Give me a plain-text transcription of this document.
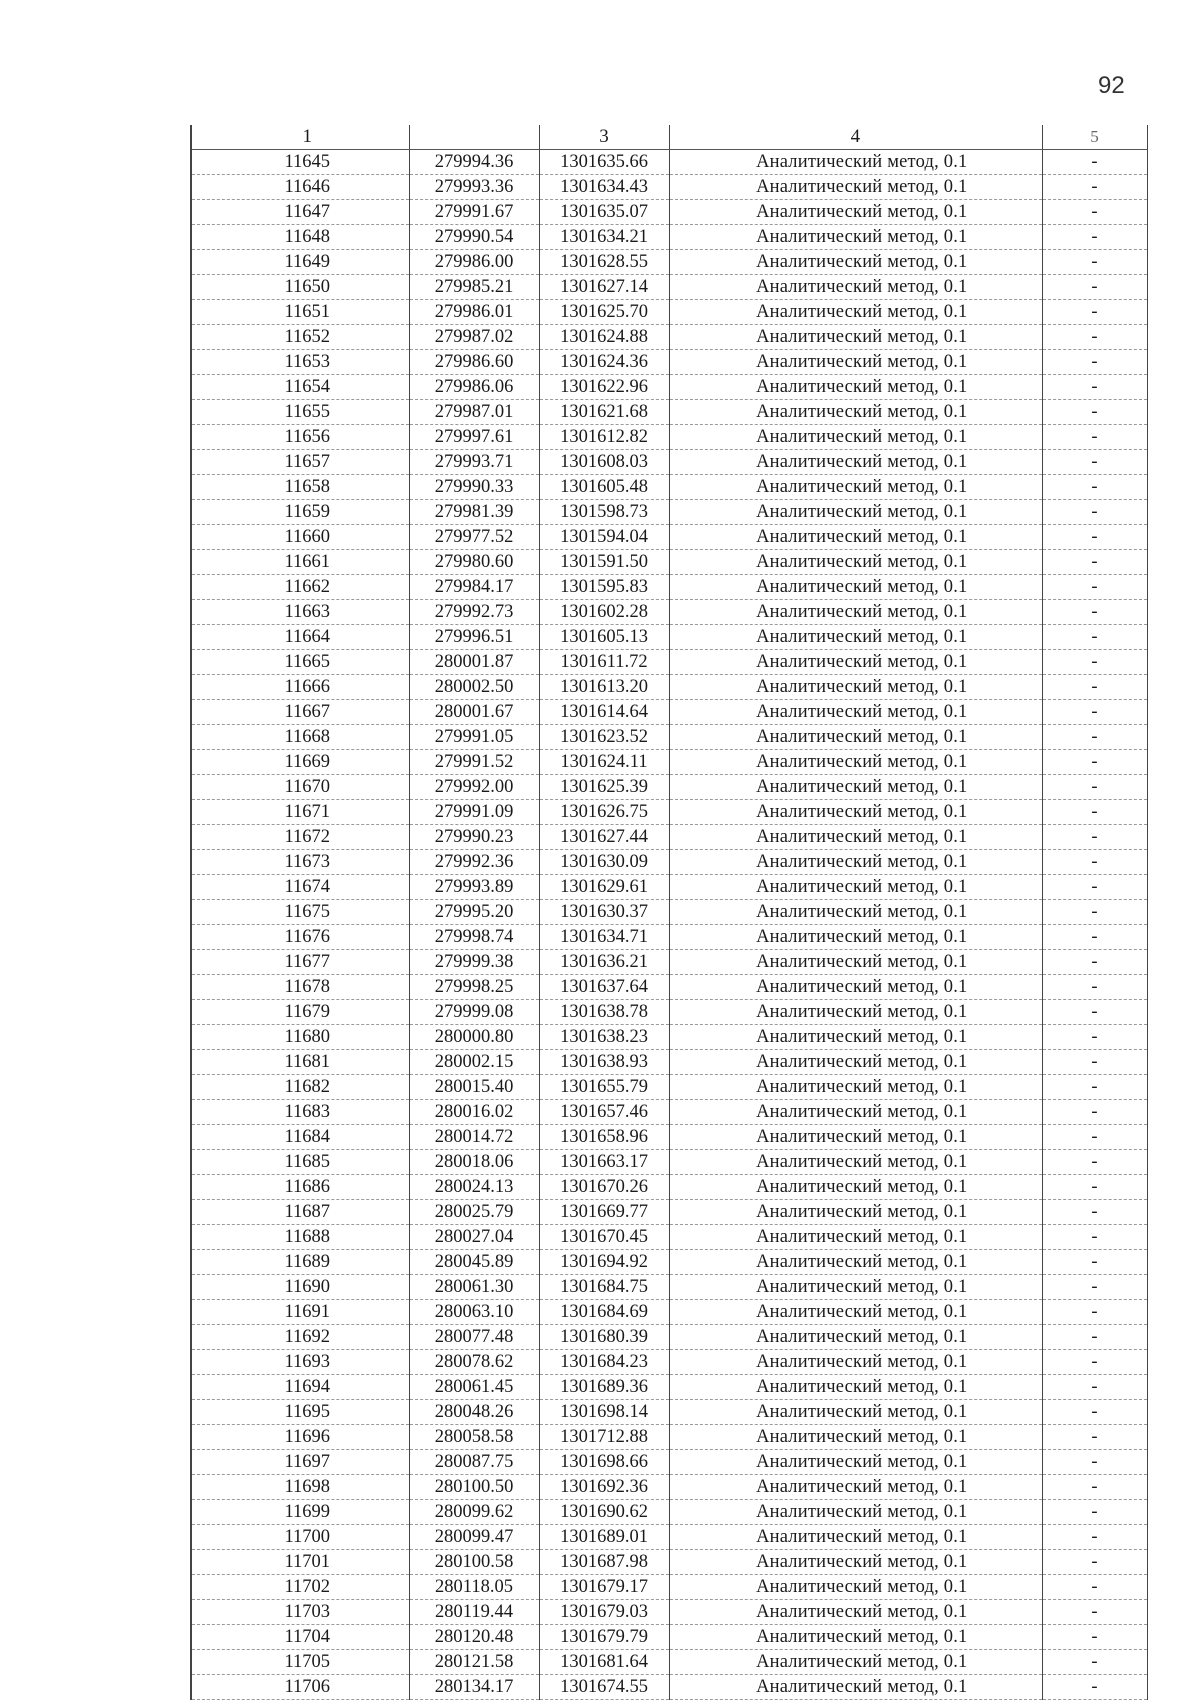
92
1		3	4	5
11645	279994.36	1301635.66	Аналитический метод, 0.1	-
11646	279993.36	1301634.43	Аналитический метод, 0.1	-
11647	279991.67	1301635.07	Аналитический метод, 0.1	-
11648	279990.54	1301634.21	Аналитический метод, 0.1	-
11649	279986.00	1301628.55	Аналитический метод, 0.1	-
11650	279985.21	1301627.14	Аналитический метод, 0.1	-
11651	279986.01	1301625.70	Аналитический метод, 0.1	-
11652	279987.02	1301624.88	Аналитический метод, 0.1	-
11653	279986.60	1301624.36	Аналитический метод, 0.1	-
11654	279986.06	1301622.96	Аналитический метод, 0.1	-
11655	279987.01	1301621.68	Аналитический метод, 0.1	-
11656	279997.61	1301612.82	Аналитический метод, 0.1	-
11657	279993.71	1301608.03	Аналитический метод, 0.1	-
11658	279990.33	1301605.48	Аналитический метод, 0.1	-
11659	279981.39	1301598.73	Аналитический метод, 0.1	-
11660	279977.52	1301594.04	Аналитический метод, 0.1	-
11661	279980.60	1301591.50	Аналитический метод, 0.1	-
11662	279984.17	1301595.83	Аналитический метод, 0.1	-
11663	279992.73	1301602.28	Аналитический метод, 0.1	-
11664	279996.51	1301605.13	Аналитический метод, 0.1	-
11665	280001.87	1301611.72	Аналитический метод, 0.1	-
11666	280002.50	1301613.20	Аналитический метод, 0.1	-
11667	280001.67	1301614.64	Аналитический метод, 0.1	-
11668	279991.05	1301623.52	Аналитический метод, 0.1	-
11669	279991.52	1301624.11	Аналитический метод, 0.1	-
11670	279992.00	1301625.39	Аналитический метод, 0.1	-
11671	279991.09	1301626.75	Аналитический метод, 0.1	-
11672	279990.23	1301627.44	Аналитический метод, 0.1	-
11673	279992.36	1301630.09	Аналитический метод, 0.1	-
11674	279993.89	1301629.61	Аналитический метод, 0.1	-
11675	279995.20	1301630.37	Аналитический метод, 0.1	-
11676	279998.74	1301634.71	Аналитический метод, 0.1	-
11677	279999.38	1301636.21	Аналитический метод, 0.1	-
11678	279998.25	1301637.64	Аналитический метод, 0.1	-
11679	279999.08	1301638.78	Аналитический метод, 0.1	-
11680	280000.80	1301638.23	Аналитический метод, 0.1	-
11681	280002.15	1301638.93	Аналитический метод, 0.1	-
11682	280015.40	1301655.79	Аналитический метод, 0.1	-
11683	280016.02	1301657.46	Аналитический метод, 0.1	-
11684	280014.72	1301658.96	Аналитический метод, 0.1	-
11685	280018.06	1301663.17	Аналитический метод, 0.1	-
11686	280024.13	1301670.26	Аналитический метод, 0.1	-
11687	280025.79	1301669.77	Аналитический метод, 0.1	-
11688	280027.04	1301670.45	Аналитический метод, 0.1	-
11689	280045.89	1301694.92	Аналитический метод, 0.1	-
11690	280061.30	1301684.75	Аналитический метод, 0.1	-
11691	280063.10	1301684.69	Аналитический метод, 0.1	-
11692	280077.48	1301680.39	Аналитический метод, 0.1	-
11693	280078.62	1301684.23	Аналитический метод, 0.1	-
11694	280061.45	1301689.36	Аналитический метод, 0.1	-
11695	280048.26	1301698.14	Аналитический метод, 0.1	-
11696	280058.58	1301712.88	Аналитический метод, 0.1	-
11697	280087.75	1301698.66	Аналитический метод, 0.1	-
11698	280100.50	1301692.36	Аналитический метод, 0.1	-
11699	280099.62	1301690.62	Аналитический метод, 0.1	-
11700	280099.47	1301689.01	Аналитический метод, 0.1	-
11701	280100.58	1301687.98	Аналитический метод, 0.1	-
11702	280118.05	1301679.17	Аналитический метод, 0.1	-
11703	280119.44	1301679.03	Аналитический метод, 0.1	-
11704	280120.48	1301679.79	Аналитический метод, 0.1	-
11705	280121.58	1301681.64	Аналитический метод, 0.1	-
11706	280134.17	1301674.55	Аналитический метод, 0.1	-
